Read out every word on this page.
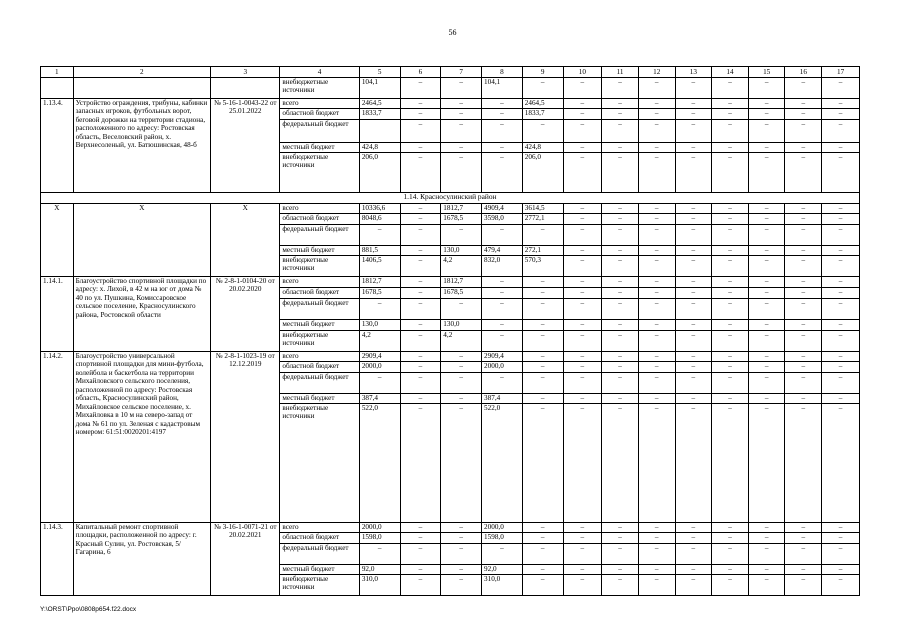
56
1	2	3	4	5	6	7	8	9	10	11	12	13	14	15	16	17
			внебюджетные источники	104,1	–	–	104,1	–	–	–	–	–	–	–	–	–
1.13.4.	Устройство ограждения, трибуны, кабинки запасных игроков, футбольных ворот, беговой дорожки на территории стадиона, расположенного по адресу: Ростовская область, Веселовский район, х. Верхнесоленый, ул. Батюшинская, 48-б	№ 5-16-1-0043-22 от 25.01.2022	всего	2464,5	–	–	–	2464,5	–	–	–	–	–	–	–	–
			областной бюджет	1833,7	–	–	–	1833,7	–	–	–	–	–	–	–	–
			федеральный бюджет		–	–	–	–	–	–	–	–	–	–	–	–
			местный бюджет	424,8	–	–	–	424,8	–	–	–	–	–	–	–	–
			внебюджетные источники	206,0	–	–	–	206,0	–	–	–	–	–	–	–	–
1.14. Красносулинский район																
Х	Х	Х	всего	10336,6	–	1812,7	4909,4	3614,5	–	–	–	–	–	–	–	–
			областной бюджет	8048,6	–	1678,5	3598,0	2772,1	–	–	–	–	–	–	–	–
			федеральный бюджет	–	–	–	–	–	–	–	–	–	–	–	–	–
			местный бюджет	881,5	–	130,0	479,4	272,1	–	–	–	–	–	–	–	–
			внебюджетные источники	1406,5	–	4,2	832,0	570,3	–	–	–	–	–	–	–	–
1.14.1.	Благоустройство спортивной площадки по адресу: х. Лихой, в 42 м на юг от дома № 40 по ул. Пушкина, Комиссаровское сельское поселение, Красносулинского района, Ростовской области	№ 2-8-1-0104-20 от 20.02.2020	всего	1812,7	–	1812,7	–	–	–	–	–	–	–	–	–	–
			областной бюджет	1678,5	–	1678,5	–	–	–	–	–	–	–	–	–	–
			федеральный бюджет	–	–	–	–	–	–	–	–	–	–	–	–	–
			местный бюджет	130,0	–	130,0	–	–	–	–	–	–	–	–	–	–
			внебюджетные источники	4,2	–	4,2	–	–	–	–	–	–	–	–	–	–
1.14.2.	Благоустройство универсальной спортивной площадки для мини-футбола, волейбола и баскетбола на территории Михайловского сельского поселения, расположенной по адресу: Ростовская область, Красносулинский район, Михайловское сельское поселение, х. Михайловка в 10 м на северо-запад от дома № 61 по ул. Зеленая с кадастровым номером: 61:51:0020201:4197	№ 2-8-1-1023-19 от 12.12.2019	всего	2909,4	–	–	2909,4	–	–	–	–	–	–	–	–	–
			областной бюджет	2000,0	–	–	2000,0	–	–	–	–	–	–	–	–	–
			федеральный бюджет	–	–	–	–	–	–	–	–	–	–	–	–	–
			местный бюджет	387,4	–	–	387,4	–	–	–	–	–	–	–	–	–
			внебюджетные источники	522,0	–	–	522,0	–	–	–	–	–	–	–	–	–
1.14.3.	Капитальный ремонт спортивной площадки, расположенной по адресу: г. Красный Сулин, ул. Ростовская, 5/ Гагарина, 6	№ 3-16-1-0071-21 от 20.02.2021	всего	2000,0	–	–	2000,0	–	–	–	–	–	–	–	–	–
			областной бюджет	1598,0	–	–	1598,0	–	–	–	–	–	–	–	–	–
			федеральный бюджет	–	–	–	–	–	–	–	–	–	–	–	–	–
			местный бюджет	92,0	–	–	92,0	–	–	–	–	–	–	–	–	–
			внебюджетные источники	310,0	–	–	310,0	–	–	–	–	–	–	–	–	–
Y:\ORST\Ppo\0808p654.f22.docx
